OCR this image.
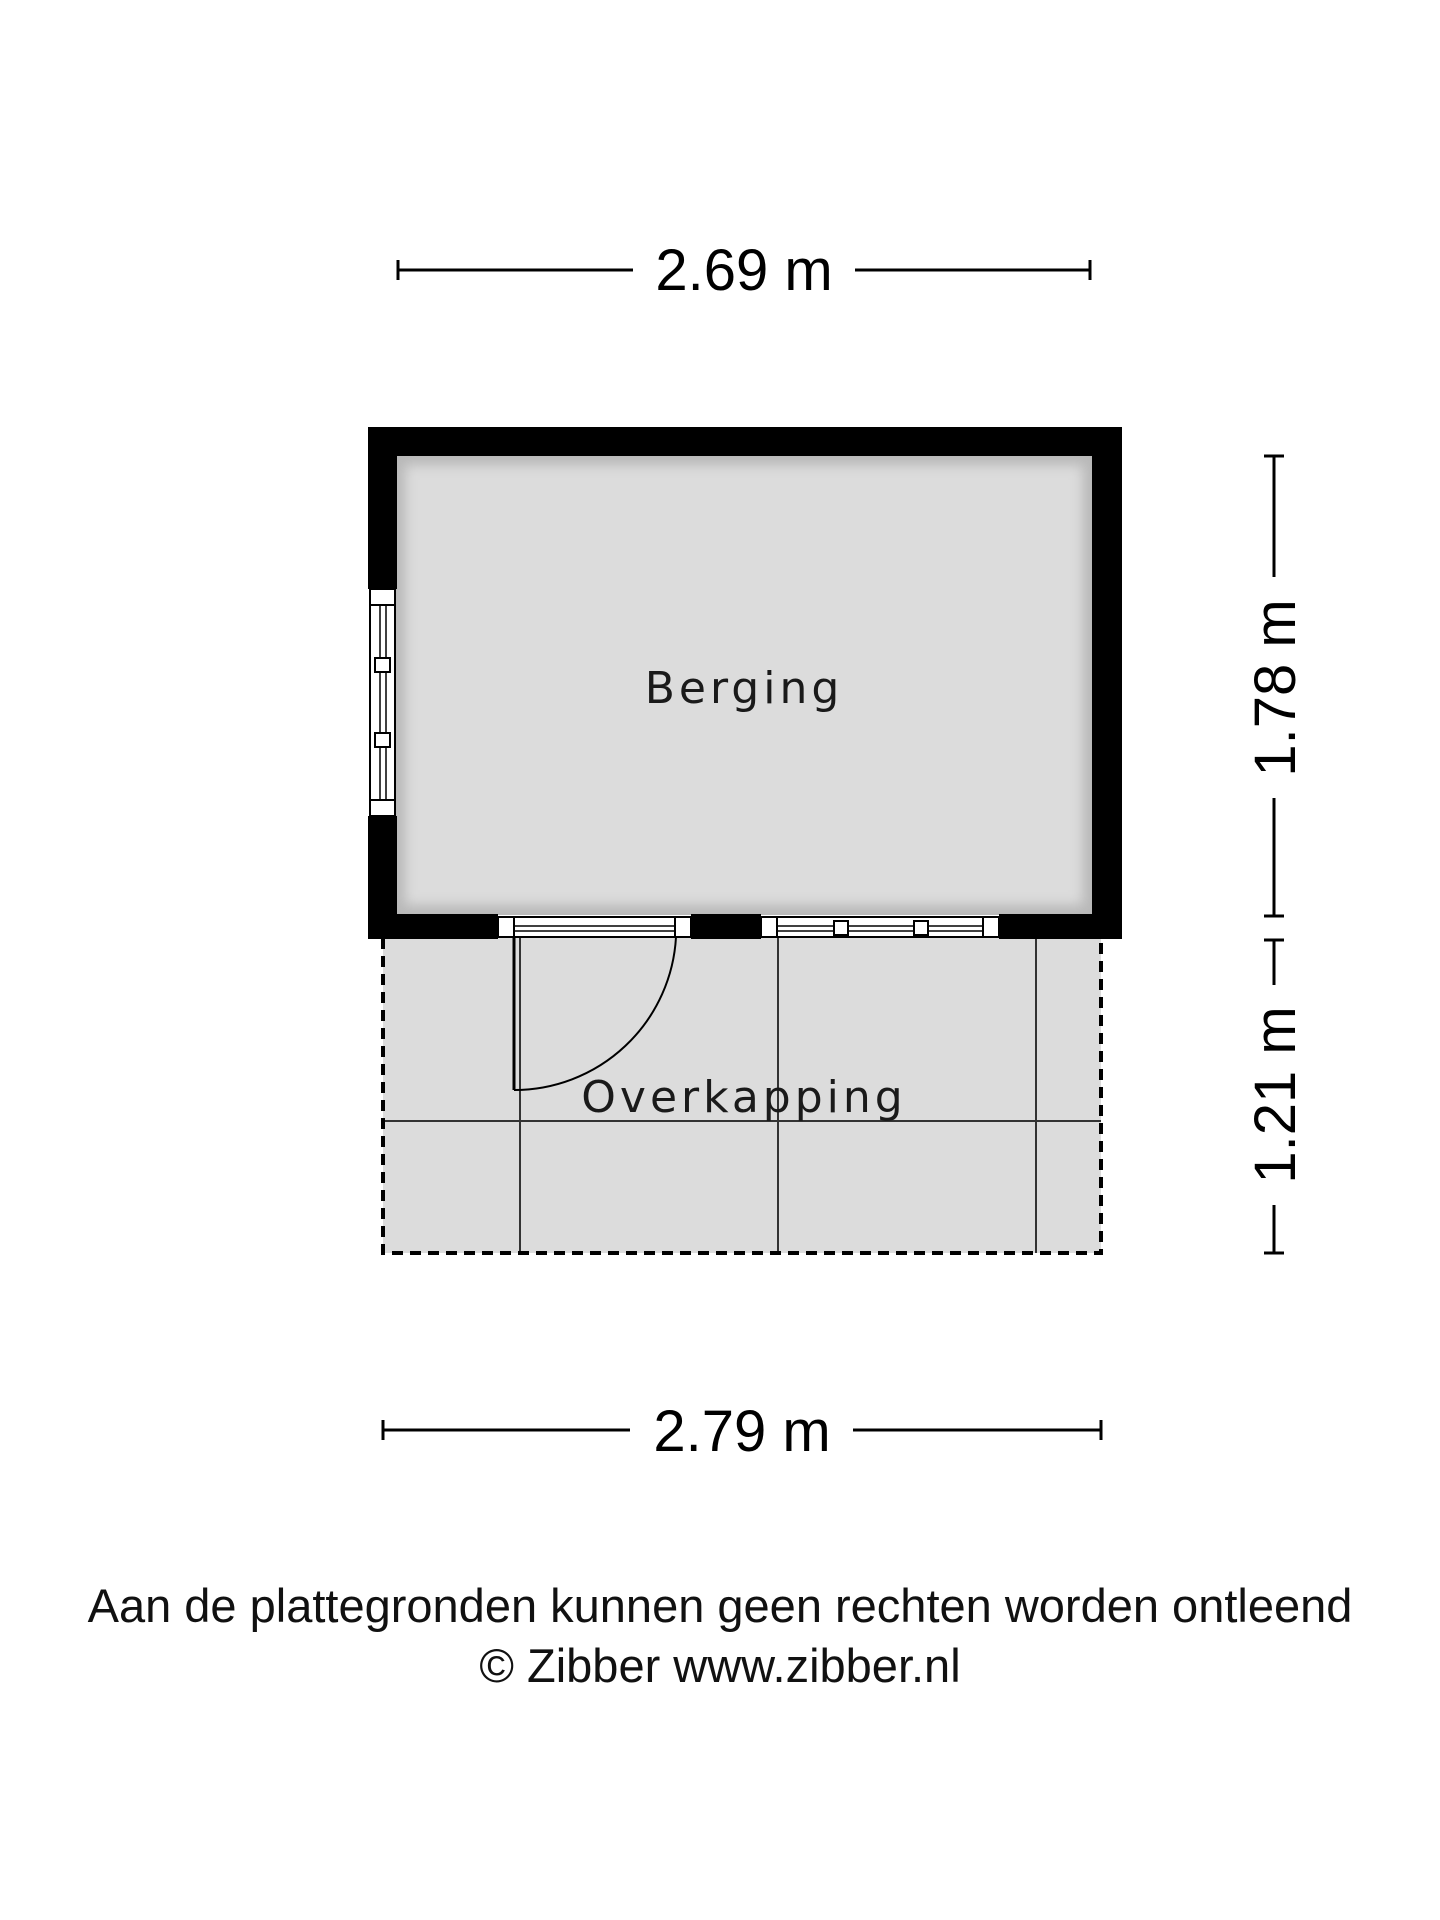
2.69 m
Berging
Overkapping
1.78 m
1.21 m
2.79 m
Aan de plattegronden kunnen geen rechten worden ontleend
© Zibber www.zibber.nl
